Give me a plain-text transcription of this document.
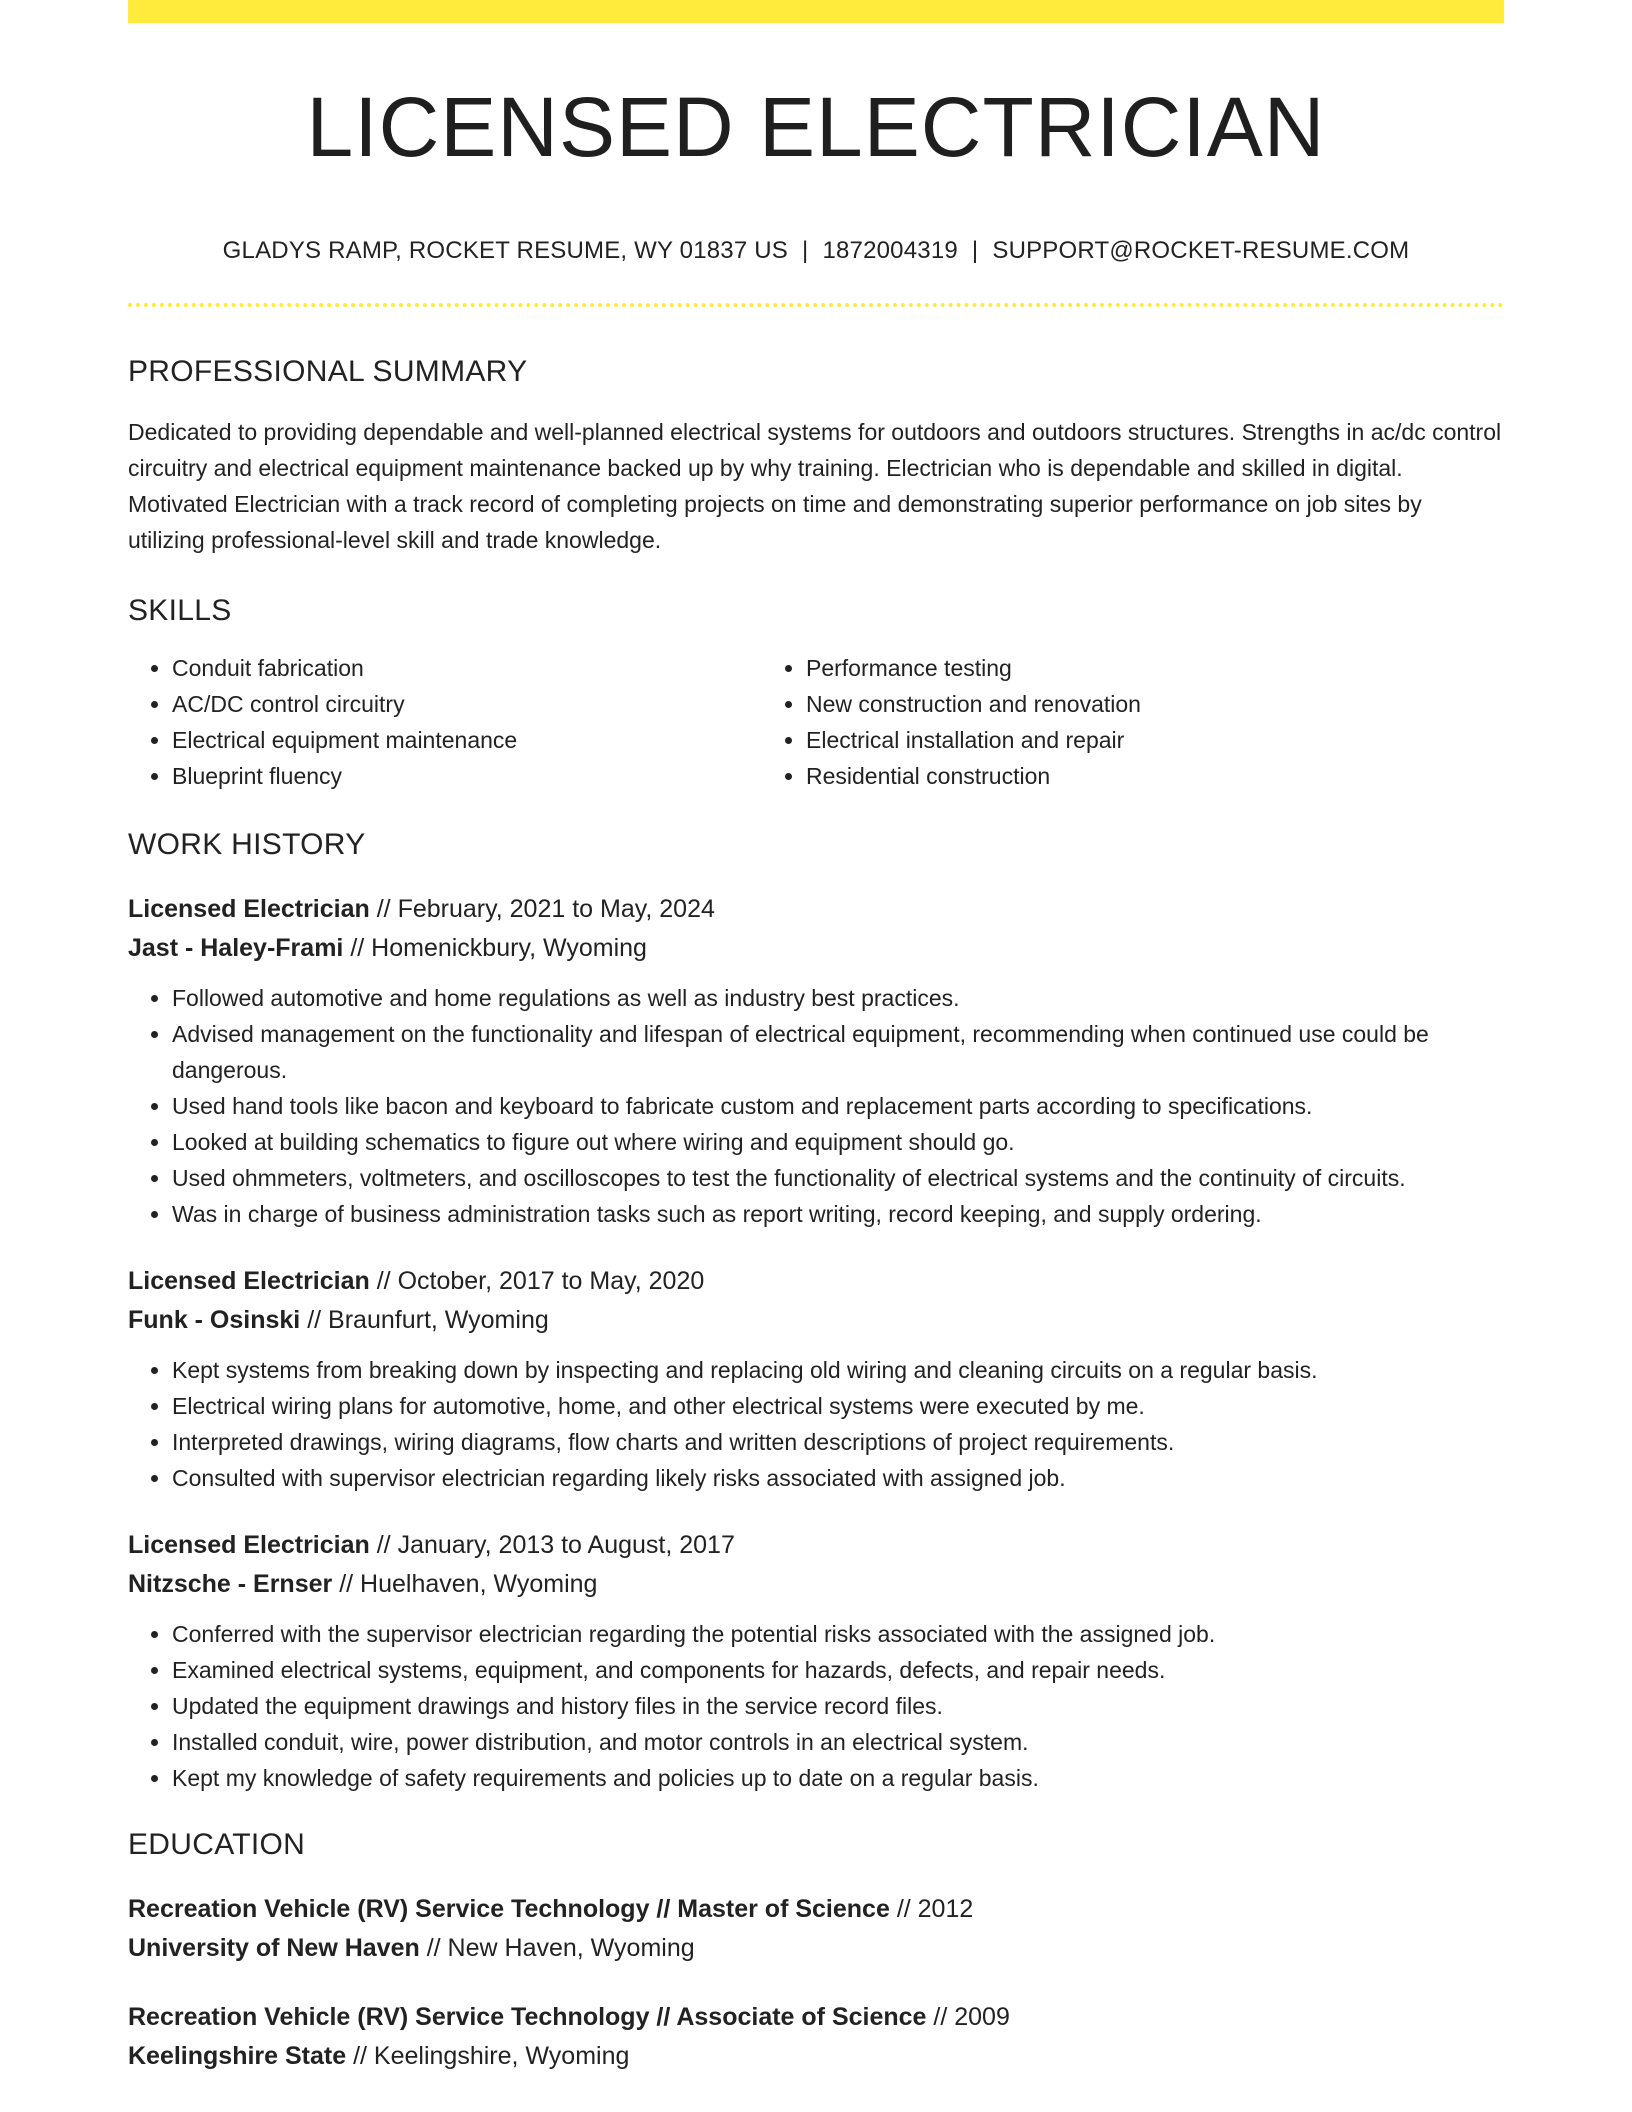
LICENSED ELECTRICIAN
GLADYS RAMP, ROCKET RESUME, WY 01837 US | 1872004319 | SUPPORT@ROCKET-RESUME.COM
PROFESSIONAL SUMMARY

Dedicated to providing dependable and well-planned electrical systems for outdoors and outdoors structures. Strengths in ac/dc control circuitry and electrical equipment maintenance backed up by why training. Electrician who is dependable and skilled in digital. Motivated Electrician with a track record of completing projects on time and demonstrating superior performance on job sites by utilizing professional-level skill and trade knowledge.

SKILLS
• Conduit fabrication
• AC/DC control circuitry
• Electrical equipment maintenance
• Blueprint fluency
• Performance testing
• New construction and renovation
• Electrical installation and repair
• Residential construction
WORK HISTORY
Licensed Electrician // February, 2021 to May, 2024
Jast - Haley-Frami // Homenickbury, Wyoming
• Followed automotive and home regulations as well as industry best practices.
• Advised management on the functionality and lifespan of electrical equipment, recommending when continued use could be dangerous.
• Used hand tools like bacon and keyboard to fabricate custom and replacement parts according to specifications.
• Looked at building schematics to figure out where wiring and equipment should go.
• Used ohmmeters, voltmeters, and oscilloscopes to test the functionality of electrical systems and the continuity of circuits.
• Was in charge of business administration tasks such as report writing, record keeping, and supply ordering.
Licensed Electrician // October, 2017 to May, 2020
Funk - Osinski // Braunfurt, Wyoming
• Kept systems from breaking down by inspecting and replacing old wiring and cleaning circuits on a regular basis.
• Electrical wiring plans for automotive, home, and other electrical systems were executed by me.
• Interpreted drawings, wiring diagrams, flow charts and written descriptions of project requirements.
• Consulted with supervisor electrician regarding likely risks associated with assigned job.
Licensed Electrician // January, 2013 to August, 2017
Nitzsche - Ernser // Huelhaven, Wyoming
• Conferred with the supervisor electrician regarding the potential risks associated with the assigned job.
• Examined electrical systems, equipment, and components for hazards, defects, and repair needs.
• Updated the equipment drawings and history files in the service record files.
• Installed conduit, wire, power distribution, and motor controls in an electrical system.
• Kept my knowledge of safety requirements and policies up to date on a regular basis.
EDUCATION
Recreation Vehicle (RV) Service Technology // Master of Science // 2012
University of New Haven // New Haven, Wyoming
Recreation Vehicle (RV) Service Technology // Associate of Science // 2009
Keelingshire State // Keelingshire, Wyoming
